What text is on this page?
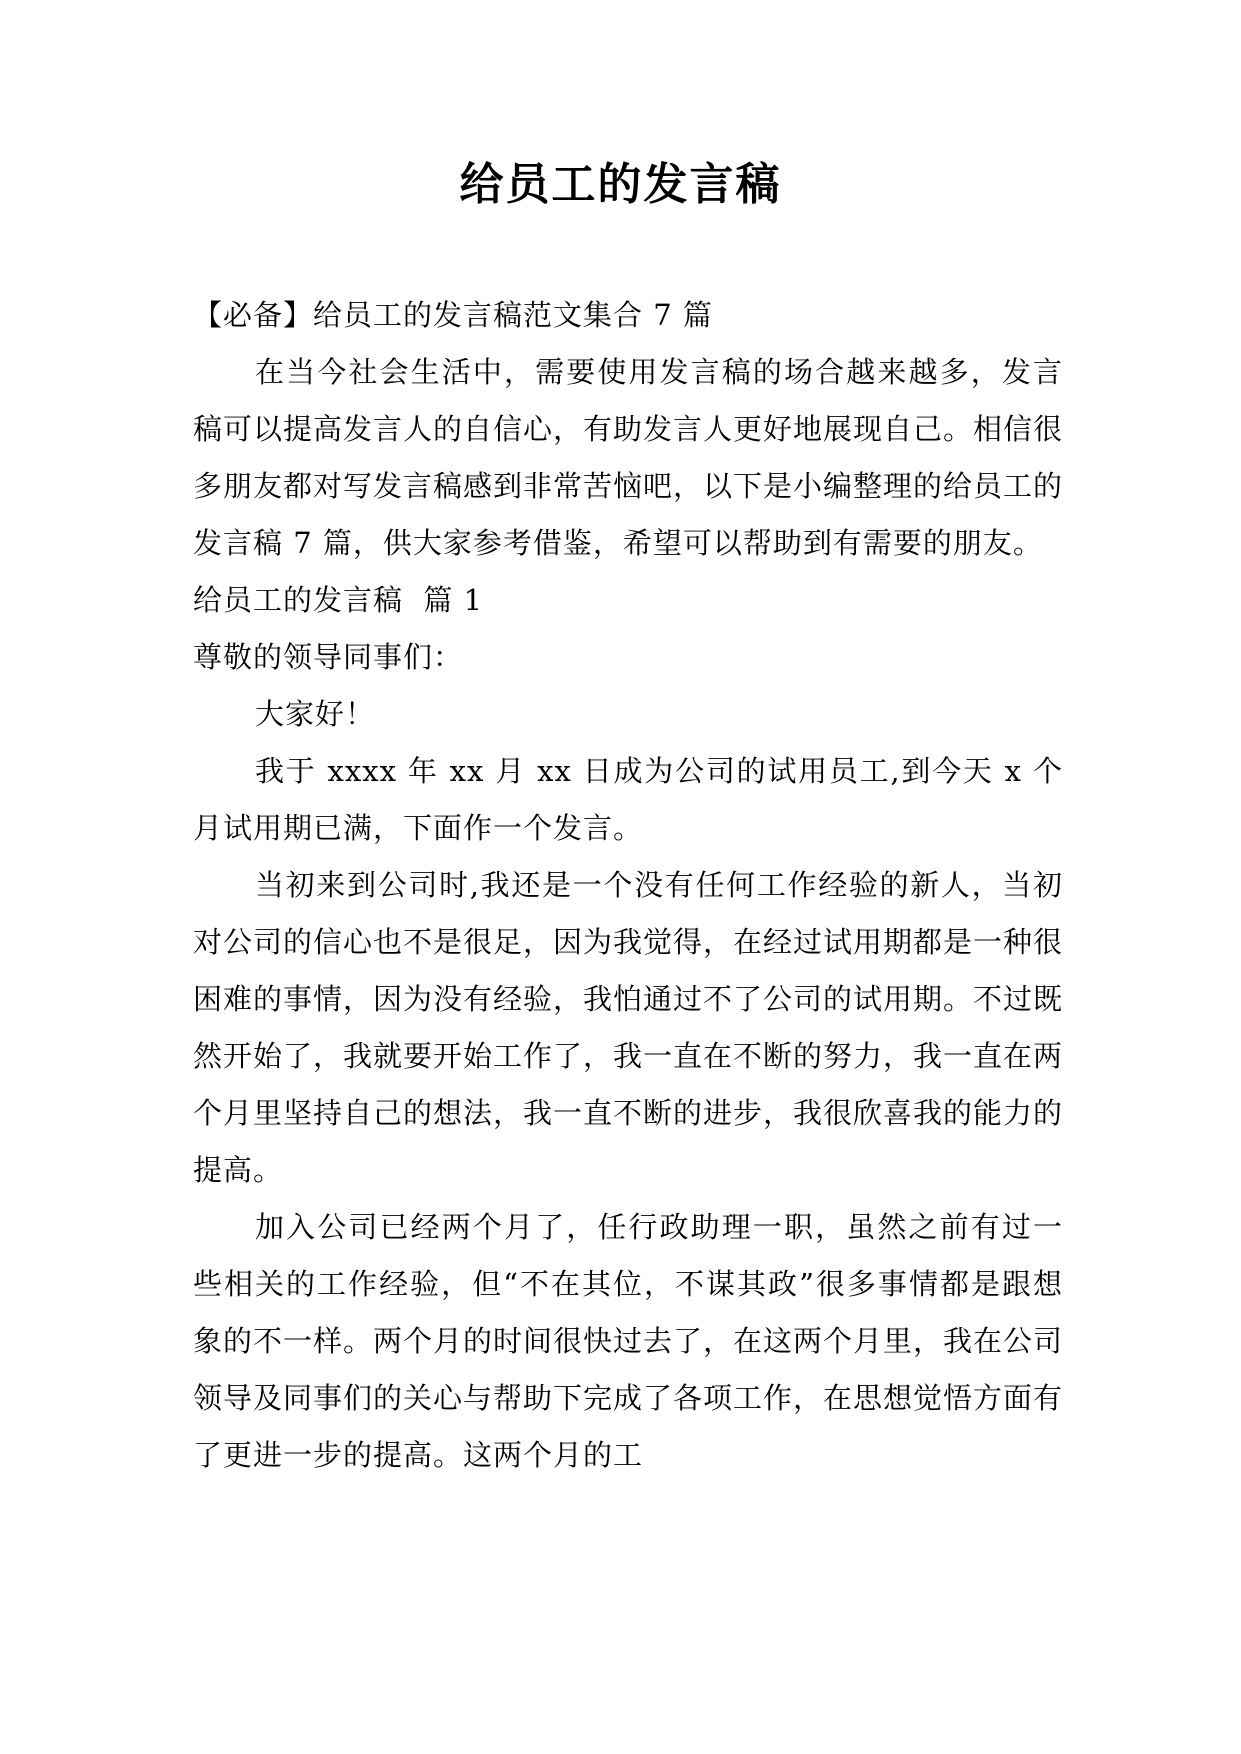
给员工的发言稿

【必备】给员工的发言稿范文集合 7 篇

在当今社会生活中，需要使用发言稿的场合越来越多，发言稿可以提高发言人的自信心，有助发言人更好地展现自己。相信很多朋友都对写发言稿感到非常苦恼吧，以下是小编整理的给员工的发言稿 7 篇，供大家参考借鉴，希望可以帮助到有需要的朋友。

给员工的发言稿  篇 1

尊敬的领导同事们：

大家好！

我于 xxxx 年 xx 月 xx 日成为公司的试用员工,到今天 x 个月试用期已满，下面作一个发言。

当初来到公司时,我还是一个没有任何工作经验的新人，当初对公司的信心也不是很足，因为我觉得，在经过试用期都是一种很困难的事情，因为没有经验，我怕通过不了公司的试用期。不过既然开始了，我就要开始工作了，我一直在不断的努力，我一直在两个月里坚持自己的想法，我一直不断的进步，我很欣喜我的能力的提高。

加入公司已经两个月了，任行政助理一职，虽然之前有过一些相关的工作经验，但“不在其位，不谋其政”很多事情都是跟想象的不一样。两个月的时间很快过去了，在这两个月里，我在公司领导及同事们的关心与帮助下完成了各项工作，在思想觉悟方面有了更进一步的提高。这两个月的工
